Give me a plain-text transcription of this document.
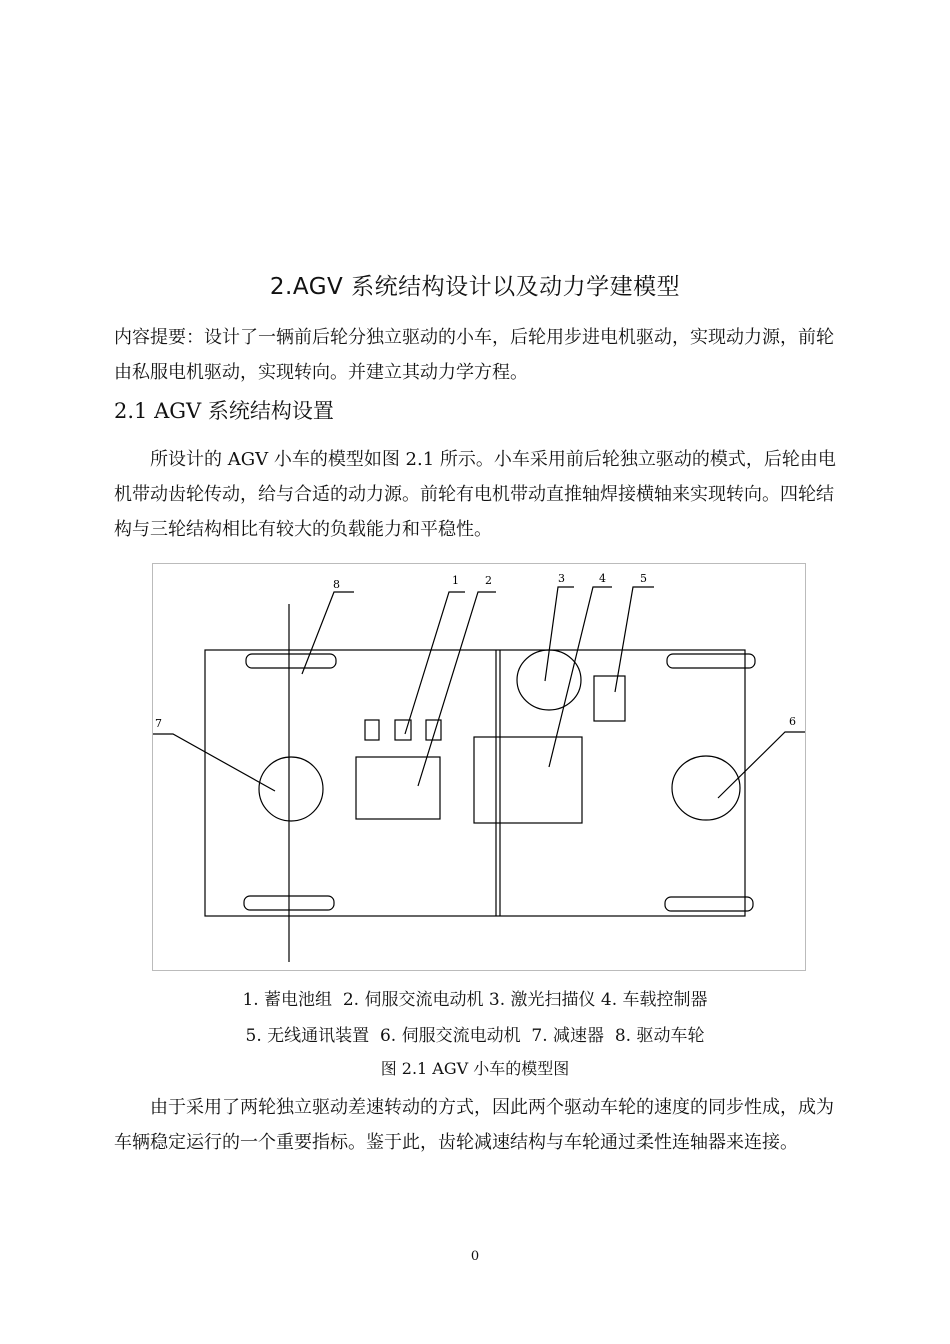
2.AGV 系统结构设计以及动力学建模型

内容提要：设计了一辆前后轮分独立驱动的小车，后轮用步进电机驱动，实现动力源，前轮由私服电机驱动，实现转向。并建立其动力学方程。

2.1 AGV 系统结构设置

所设计的 AGV 小车的模型如图 2.1 所示。小车采用前后轮独立驱动的模式，后轮由电机带动齿轮传动，给与合适的动力源。前轮有电机带动直推轴焊接横轴来实现转向。四轮结构与三轮结构相比有较大的负载能力和平稳性。

8	1 2	3	4	5
6
7
1. 蓄电池组  2. 伺服交流电动机 3. 激光扫描仪 4. 车载控制器
5. 无线通讯装置  6. 伺服交流电动机  7. 减速器  8. 驱动车轮
图 2.1 AGV 小车的模型图

由于采用了两轮独立驱动差速转动的方式，因此两个驱动车轮的速度的同步性成，成为车辆稳定运行的一个重要指标。鉴于此，齿轮减速结构与车轮通过柔性连轴器来连接。

0
